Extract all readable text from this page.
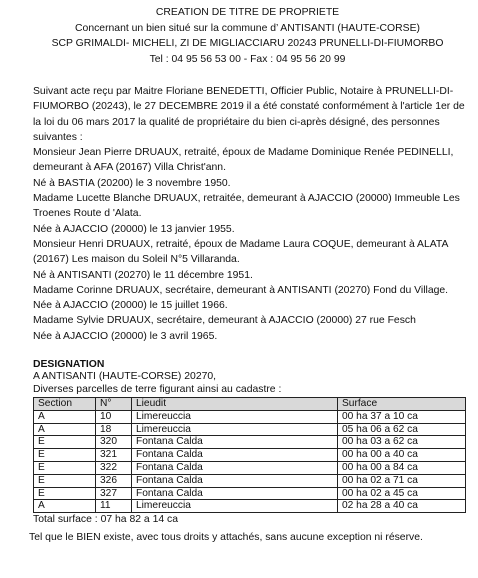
CREATION DE TITRE DE PROPRIETE
Concernant un bien situé sur la commune d’ ANTISANTI (HAUTE-CORSE)
SCP GRIMALDI- MICHELI, ZI DE MIGLIACCIARU 20243 PRUNELLI-DI-FIUMORBO
Tel : 04 95 56 53 00 - Fax : 04 95 56 20 99

Suivant acte reçu par Maitre Floriane BENEDETTI, Officier Public, Notaire à PRUNELLI-DI-FIUMORBO (20243), le 27 DECEMBRE 2019 il a été constaté conformément à l'article 1er de la loi du 06 mars 2017 la qualité de propriétaire du bien ci-après désigné, des personnes suivantes :

Monsieur Jean Pierre DRUAUX, retraité, époux de Madame Dominique Renée PEDINELLI, demeurant à AFA (20167) Villa Christ'ann.

Né à BASTIA (20200) le 3 novembre 1950.

Madame Lucette Blanche DRUAUX, retraitée, demeurant à AJACCIO (20000) Immeuble Les Troenes Route d 'Alata.

Née à AJACCIO (20000) le 13 janvier 1955.

Monsieur Henri DRUAUX, retraité, époux de Madame Laura COQUE, demeurant à ALATA (20167) Les maison du Soleil N°5 Villaranda.

Né à ANTISANTI (20270) le 11 décembre 1951.

Madame Corinne DRUAUX, secrétaire, demeurant à ANTISANTI (20270) Fond du Village.

Née à AJACCIO (20000) le 15 juillet 1966.

Madame Sylvie DRUAUX, secrétaire, demeurant à AJACCIO (20000) 27 rue Fesch

Née à AJACCIO (20000) le 3 avril 1965.

DESIGNATION
A ANTISANTI (HAUTE-CORSE) 20270,
Diverses parcelles de terre figurant ainsi au cadastre :
Section	N°	Lieudit	Surface
A	10	Limereuccia	00 ha 37 a 10 ca
A	18	Limereuccia	05 ha 06 a 62 ca
E	320	Fontana Calda	00 ha 03 a 62 ca
E	321	Fontana Calda	00 ha 00 a 40 ca
E	322	Fontana Calda	00 ha 00 a 84 ca
E	326	Fontana Calda	00 ha 02 a 71 ca
E	327	Fontana Calda	00 ha 02 a 45 ca
A	11	Limereuccia	02 ha 28 a 40 ca
Total surface : 07 ha 82 a 14 ca
Tel que le BIEN existe, avec tous droits y attachés, sans aucune exception ni réserve.
